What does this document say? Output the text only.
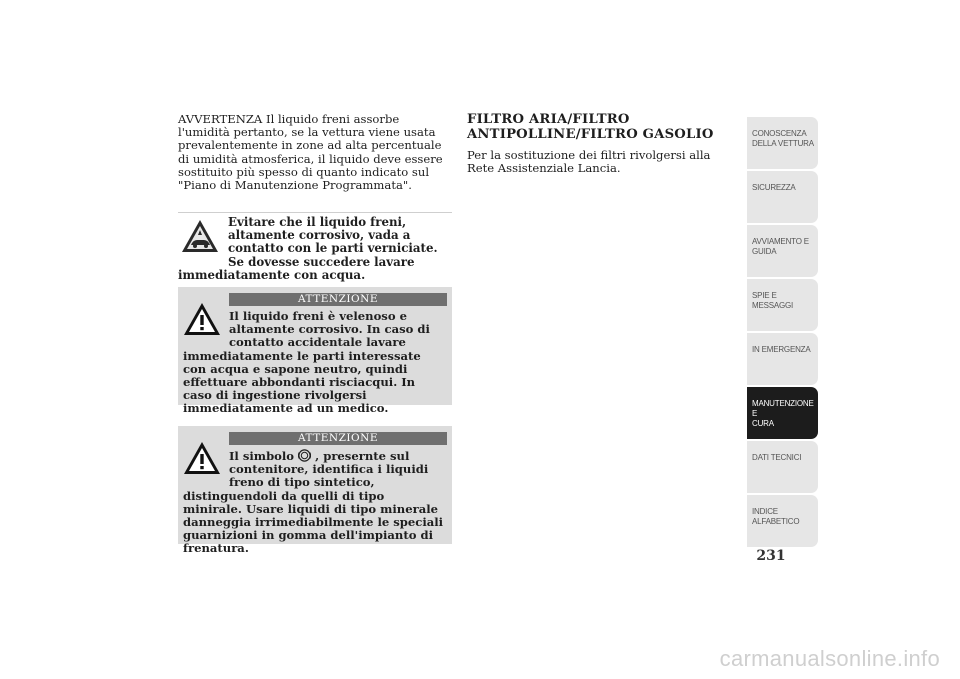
AVVERTENZA Il liquido freni assorbe l'umidità pertanto, se la vettura viene usata prevalentemente in zone ad alta percentuale di umidità atmosferica, il liquido deve essere sostituito più spesso di quanto indicato sul "Piano di Manutenzione Programmata".

Evitare che il liquido freni, altamente corrosivo, vada a contatto con le parti verniciate. Se dovesse succedere lavare immediatamente con acqua.
ATTENZIONE
Il liquido freni è velenoso e altamente corrosivo. In caso di contatto accidentale lavare immediatamente le parti interessate con acqua e sapone neutro, quindi effettuare abbondanti risciacqui. In caso di ingestione rivolgersi immediatamente ad un medico.
ATTENZIONE
Il simbolo , presernte sul contenitore, identifica i liquidi freno di tipo sintetico, distinguendoli da quelli di tipo minirale. Usare liquidi di tipo minerale danneggia irrimediabilmente le speciali guarnizioni in gomma dell'impianto di frenatura.
FILTRO ARIA/FILTRO
ANTIPOLLINE/FILTRO GASOLIO

Per la sostituzione dei filtri rivolgersi alla Rete Assistenziale Lancia.

CONOSCENZA
DELLA VETTURA
SICUREZZA
AVVIAMENTO E
GUIDA
SPIE E MESSAGGI
IN EMERGENZA
MANUTENZIONE E
CURA
DATI TECNICI
INDICE
ALFABETICO
231
carmanualsonline.info
